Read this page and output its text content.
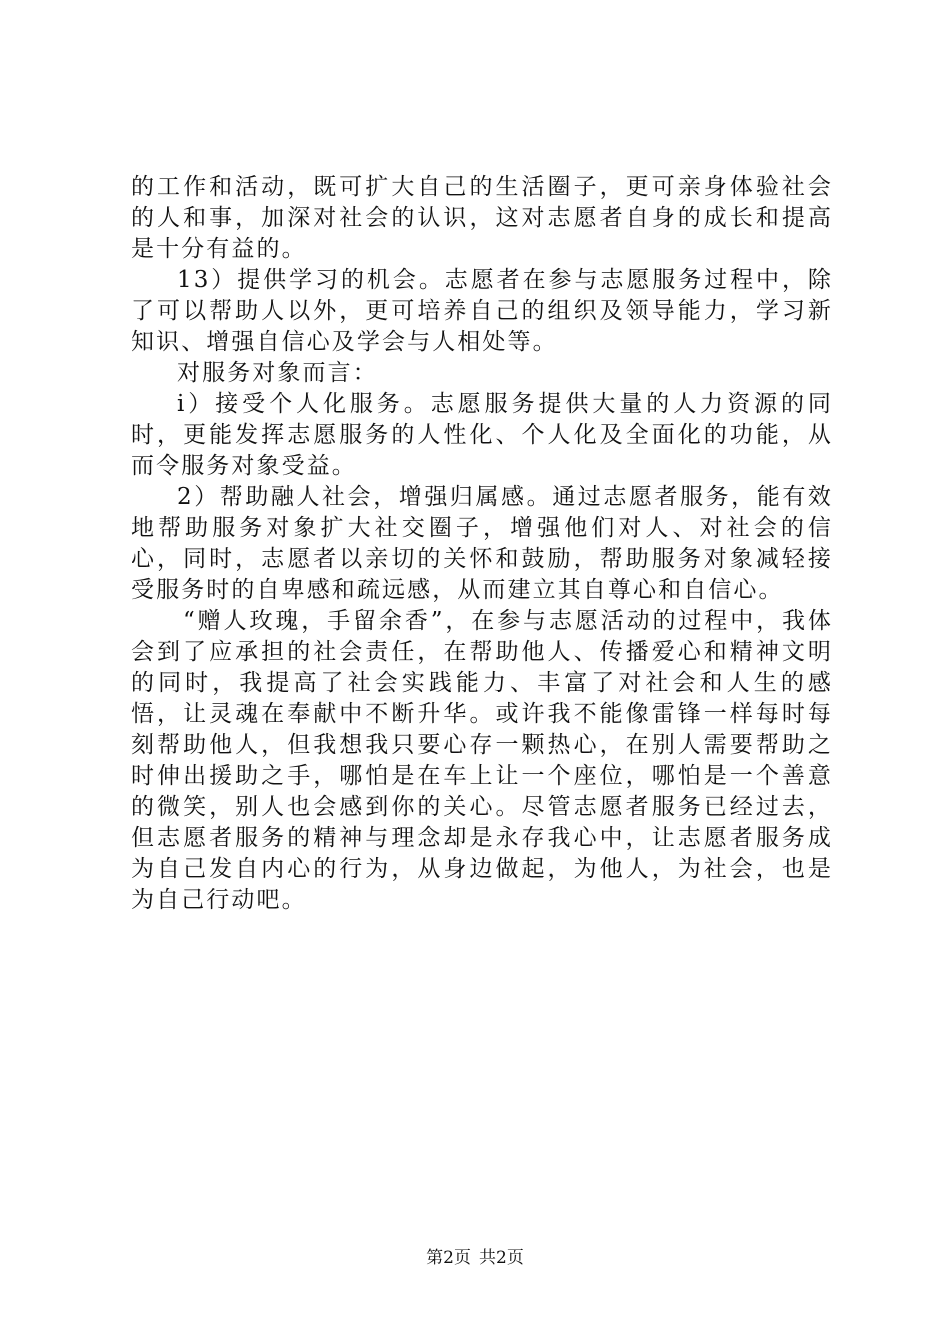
的工作和活动，既可扩大自己的生活圈子，更可亲身体验社会的人和事，加深对社会的认识，这对志愿者自身的成长和提高是十分有益的。

13）提供学习的机会。志愿者在参与志愿服务过程中，除了可以帮助人以外，更可培养自己的组织及领导能力，学习新知识、增强自信心及学会与人相处等。

对服务对象而言：

i）接受个人化服务。志愿服务提供大量的人力资源的同时，更能发挥志愿服务的人性化、个人化及全面化的功能，从而令服务对象受益。

2）帮助融人社会，增强归属感。通过志愿者服务，能有效地帮助服务对象扩大社交圈子，增强他们对人、对社会的信心，同时，志愿者以亲切的关怀和鼓励，帮助服务对象减轻接受服务时的自卑感和疏远感，从而建立其自尊心和自信心。

“赠人玫瑰，手留余香”，在参与志愿活动的过程中，我体会到了应承担的社会责任，在帮助他人、传播爱心和精神文明的同时，我提高了社会实践能力、丰富了对社会和人生的感悟，让灵魂在奉献中不断升华。或许我不能像雷锋一样每时每刻帮助他人，但我想我只要心存一颗热心，在别人需要帮助之时伸出援助之手，哪怕是在车上让一个座位，哪怕是一个善意的微笑，别人也会感到你的关心。尽管志愿者服务已经过去，但志愿者服务的精神与理念却是永存我心中，让志愿者服务成为自己发自内心的行为，从身边做起，为他人，为社会，也是为自己行动吧。

第2页 共2页
